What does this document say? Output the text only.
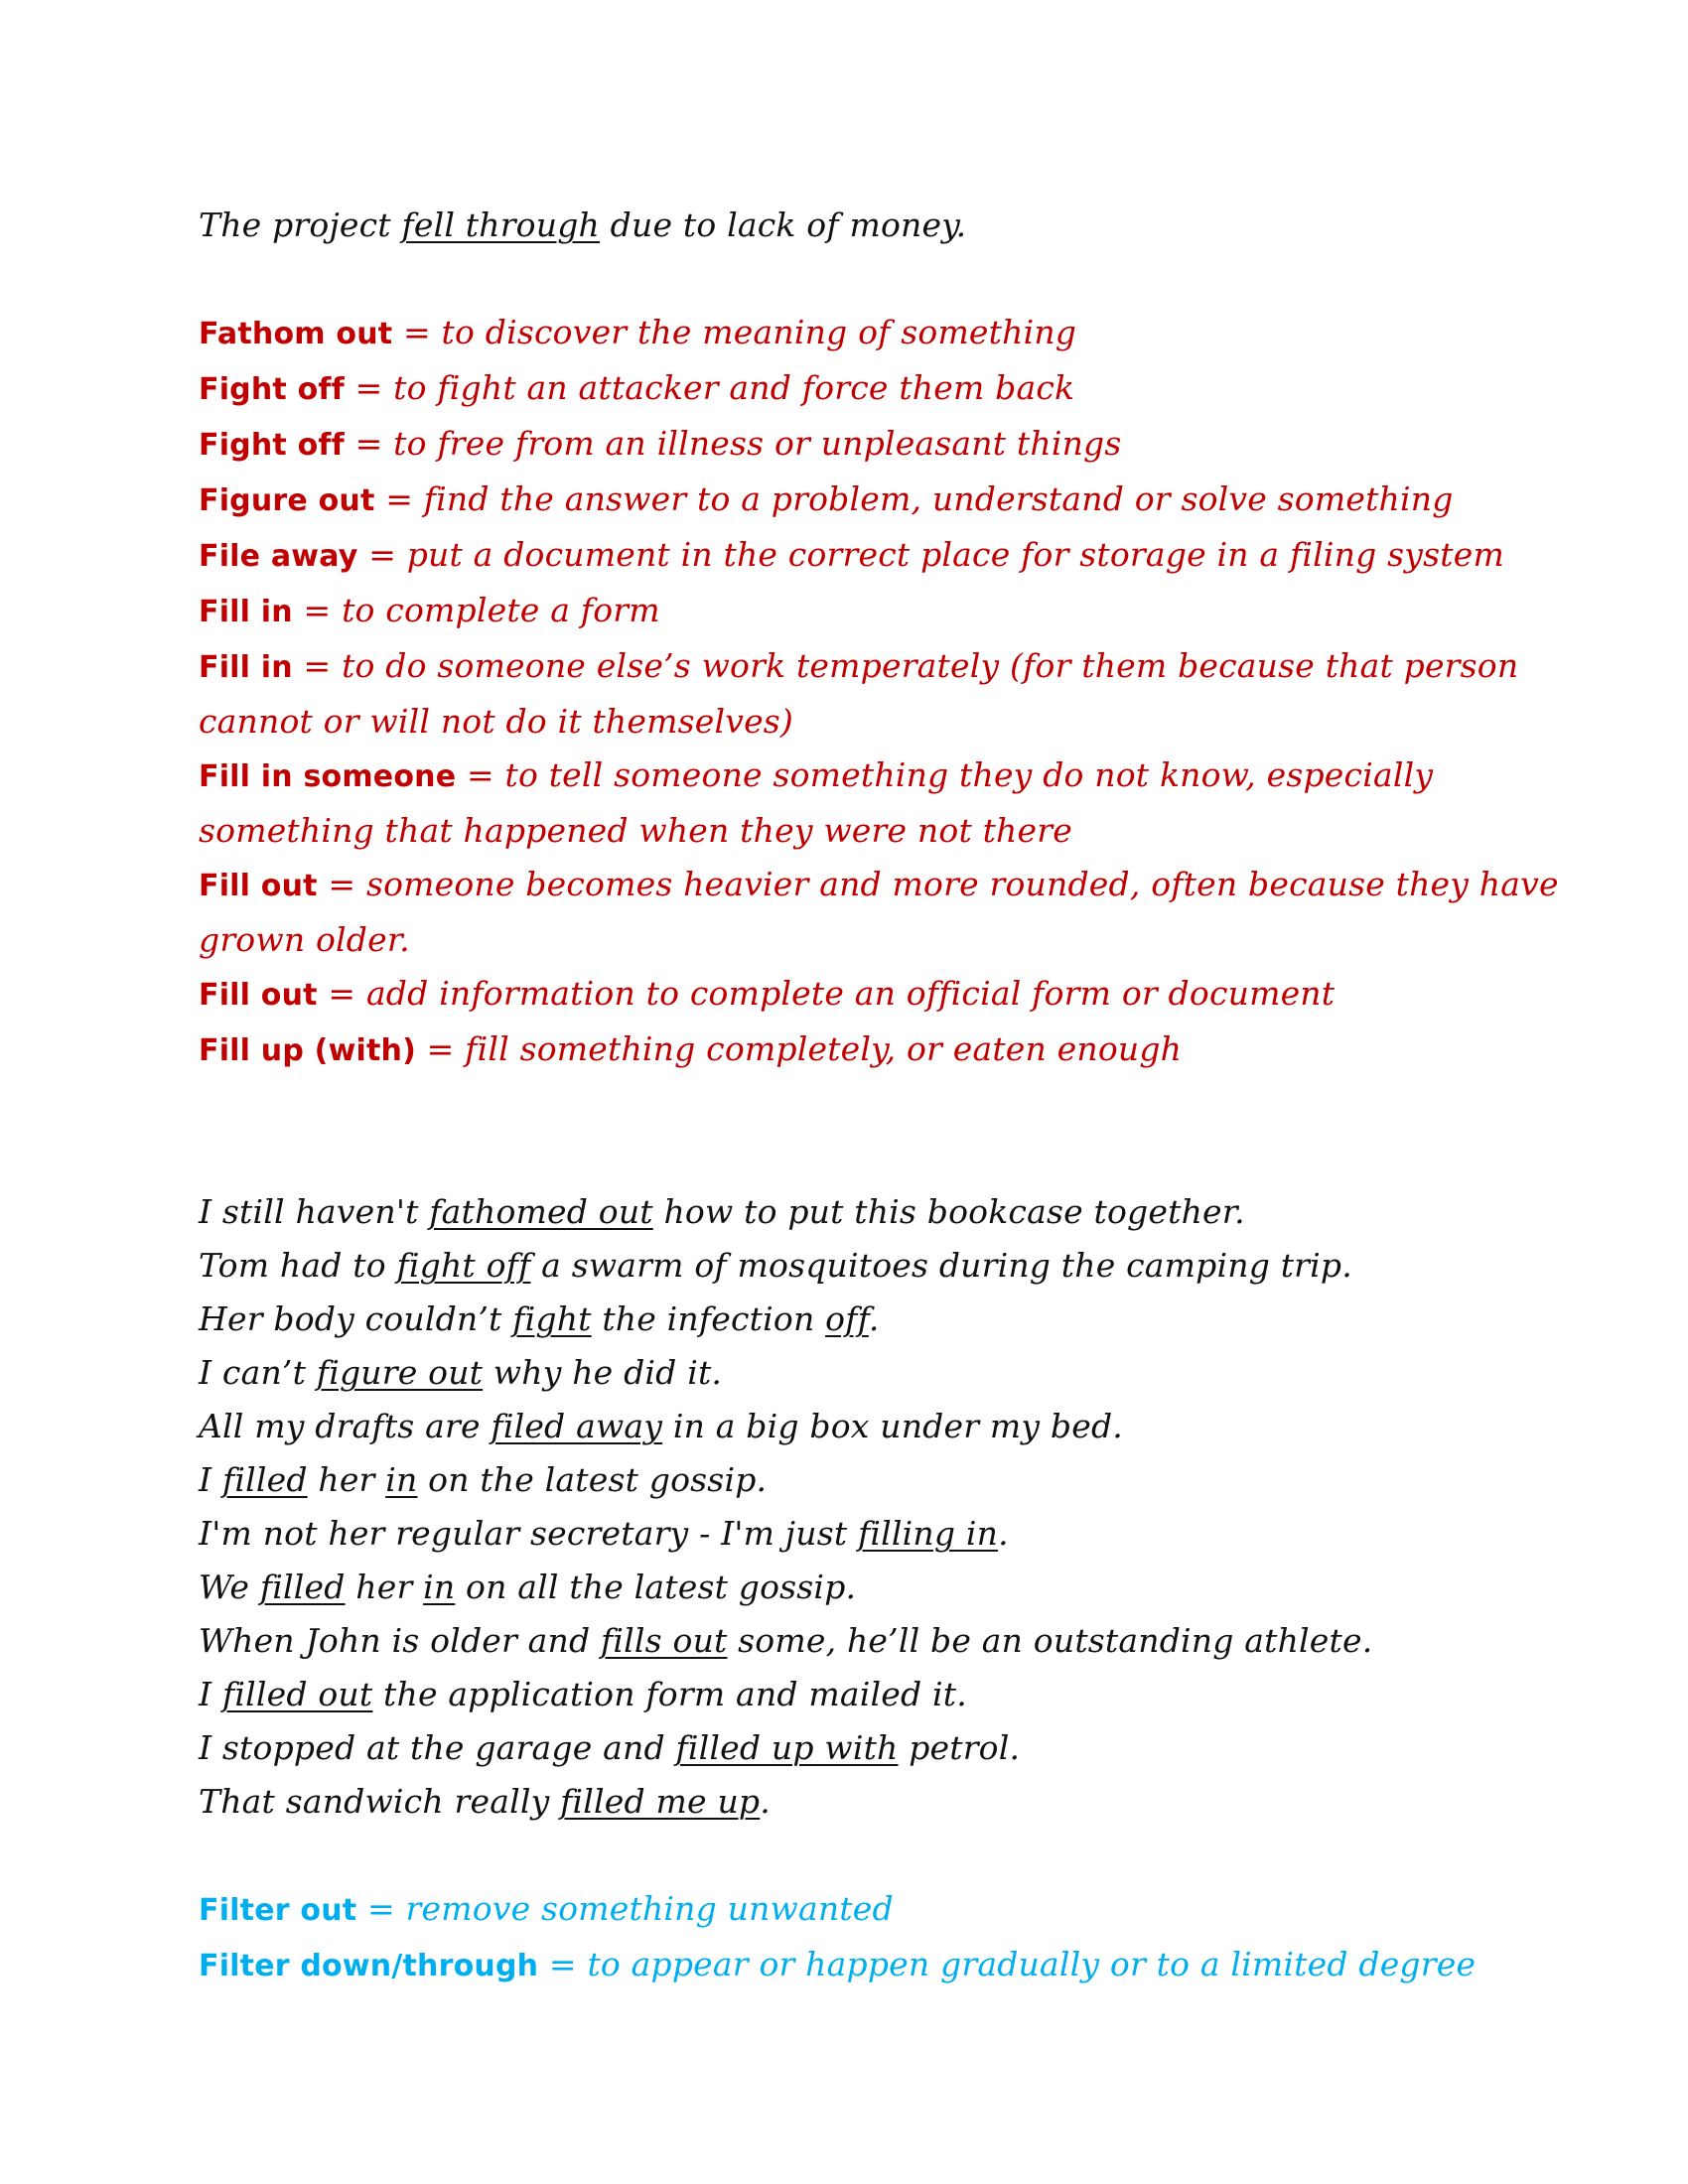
The project fell through due to lack of money.

Fathom out = to discover the meaning of something

Fight off = to fight an attacker and force them back

Fight off = to free from an illness or unpleasant things

Figure out = find the answer to a problem, understand or solve something

File away = put a document in the correct place for storage in a filing system

Fill in = to complete a form

Fill in = to do someone else’s work temperately (for them because that person

cannot or will not do it themselves)

Fill in someone = to tell someone something they do not know, especially

something that happened when they were not there

Fill out = someone becomes heavier and more rounded, often because they have

grown older.

Fill out = add information to complete an official form or document

Fill up (with) = fill something completely, or eaten enough

I still haven't fathomed out how to put this bookcase together.

Tom had to fight off a swarm of mosquitoes during the camping trip.

Her body couldn’t fight the infection off.

I can’t figure out why he did it.

All my drafts are filed away in a big box under my bed.

I filled her in on the latest gossip.

I'm not her regular secretary - I'm just filling in.

We filled her in on all the latest gossip.

When John is older and fills out some, he’ll be an outstanding athlete.

I filled out the application form and mailed it.

I stopped at the garage and filled up with petrol.

That sandwich really filled me up.

Filter out = remove something unwanted

Filter down/through = to appear or happen gradually or to a limited degree
